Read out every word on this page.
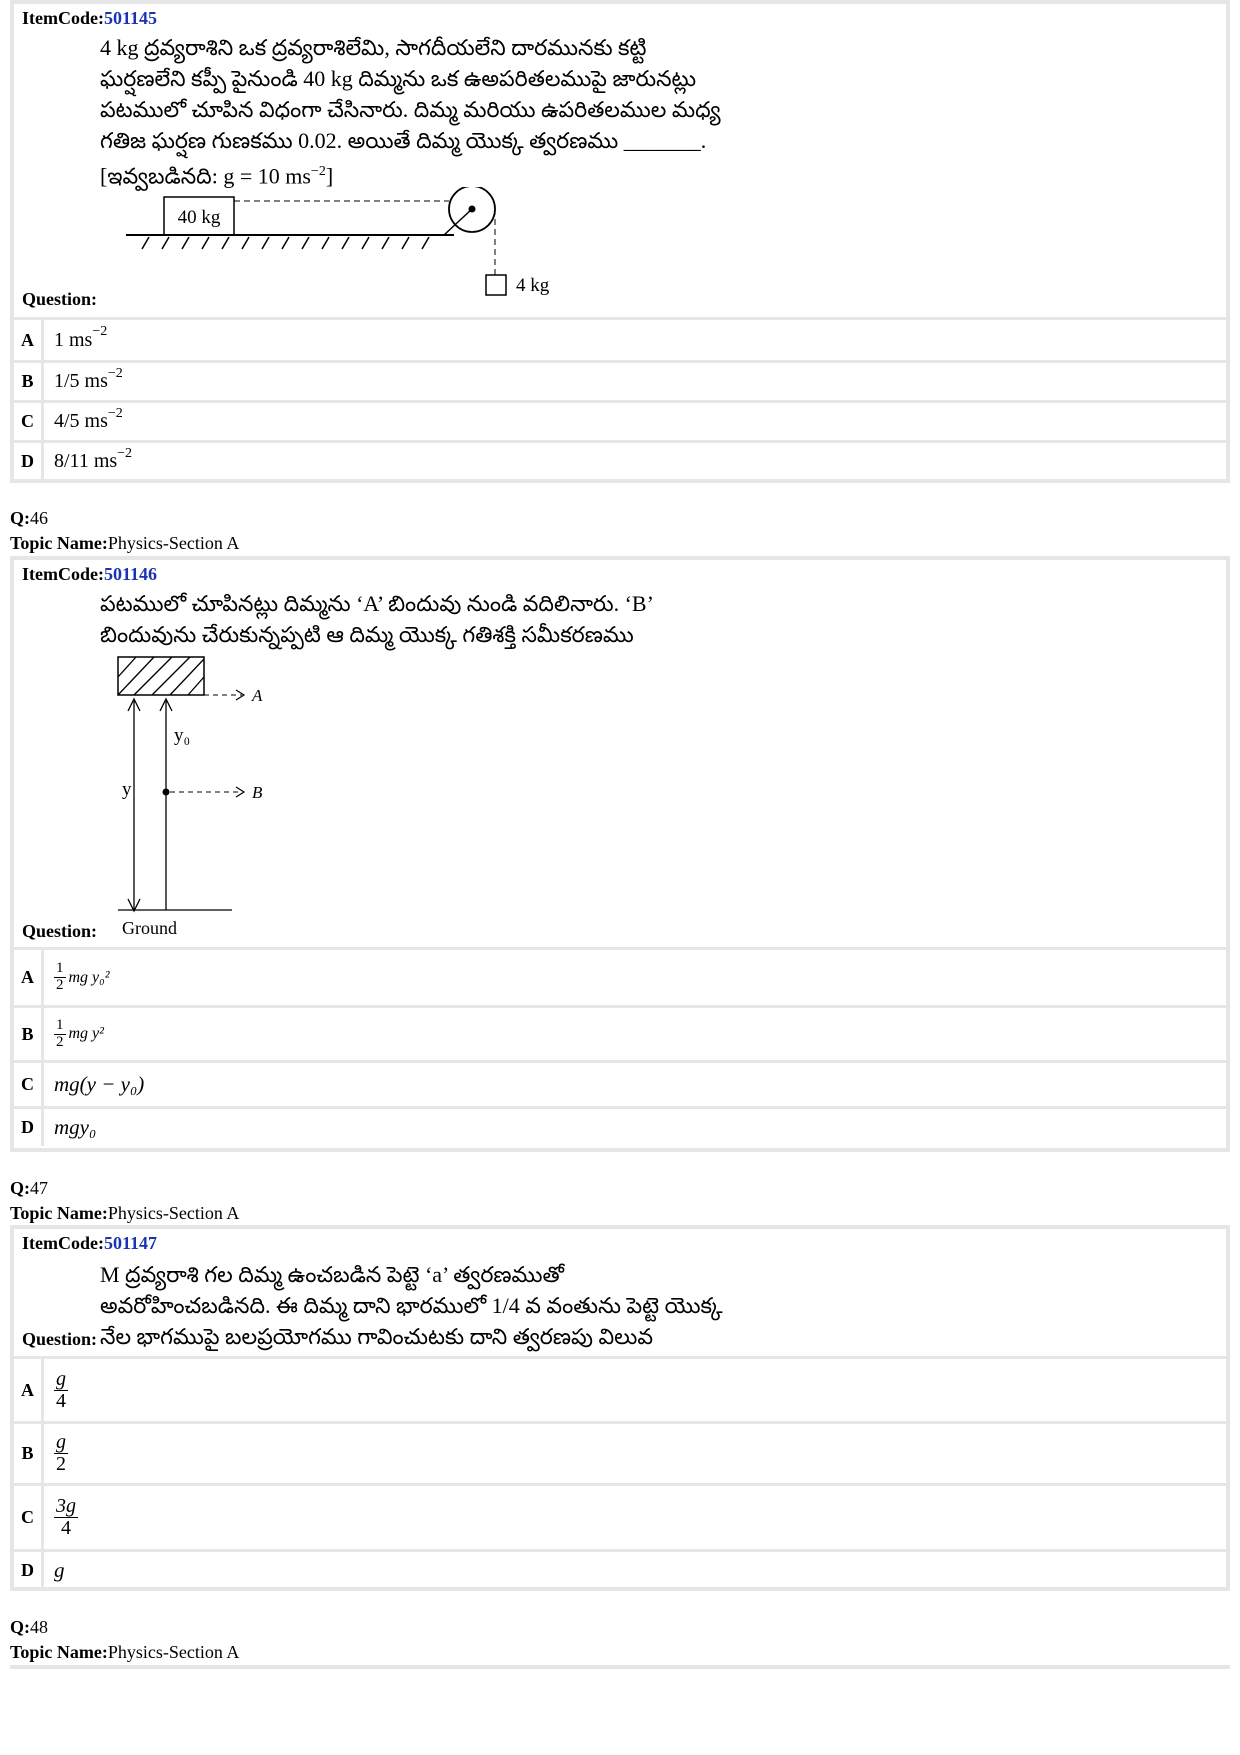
ItemCode:501145
4 kg ద్రవ్యరాశిని ఒక ద్రవ్యరాశిలేమి, సాగదీయలేని దారమునకు కట్టి
ఘర్షణలేని కప్పీ పైనుండి 40 kg దిమ్మను ఒక ఉఅపరితలముపై జారునట్లు
పటములో చూపిన విధంగా చేసినారు. దిమ్మ మరియు ఉపరితలముల మధ్య
గతిజ ఘర్షణ గుణకము 0.02. అయితే దిమ్మ యొక్క త్వరణము _______.
[ఇవ్వబడినది: g = 10 $ms^{-2}$]
40 kg
4 kg
Question:
A	1 $ms^{-2}$
B	1/5 $ms^{-2}$
C	4/5 $ms^{-2}$
D	8/11 $ms^{-2}$
Q:46
Topic Name:Physics-Section A
ItemCode:501146
పటములో చూపినట్లు దిమ్మను ‘A’ బిందువు నుండి వదిలినారు. ‘B’
బిందువును చేరుకున్నప్పటి ఆ దిమ్మ యొక్క గతిశక్తి సమీకరణము
A
y
y₀
B
Ground
Question:
A	$\frac{1}{2}$ mg y₀²
B	$\frac{1}{2}$ mg y²
C mg(y − y₀)
D mgy₀
Q:47
Topic Name:Physics-Section A
ItemCode:501147
M ద్రవ్యరాశి గల దిమ్మ ఉంచబడిన పెట్టె ‘a’ త్వరణముతో
అవరోహించబడినది. ఈ దిమ్మ దాని భారములో 1/4 వ వంతును పెట్టె యొక్క
నేల భాగముపై బలప్రయోగము గావించుటకు దాని త్వరణపు విలువ
Question:
A	$\frac{g}{4}$
B	$\frac{g}{2}$
C	$\frac{3g}{4}$
D g
Q:48
Topic Name:Physics-Section A
